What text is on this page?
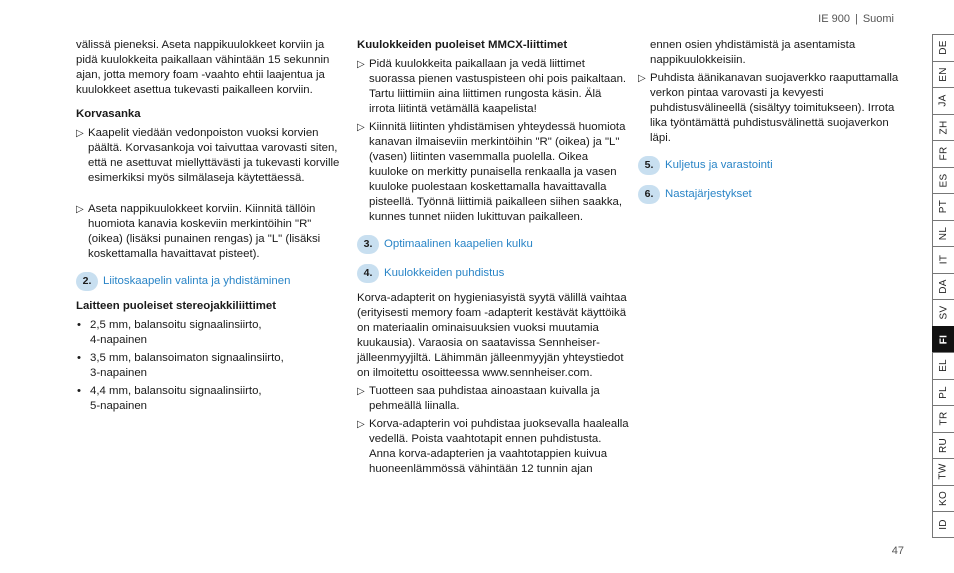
IE 900 | Suomi

välissä pieneksi. Aseta nappikuulokkeet korviin ja pidä kuulokkeita paikallaan vähintään 15 sekunnin ajan, jotta memory foam -vaahto ehtii laajentua ja kuulokkeet asettua tukevasti paikalleen korviin.

Korvasanka
▷ Kaapelit viedään vedonpoiston vuoksi korvien päältä. Korvasankoja voi taivuttaa varovasti siten, että ne asettuvat miellyttävästi ja tukevasti korville esimerkiksi myös silmälaseja käytettäessä.
▷ Aseta nappikuulokkeet korviin. Kiinnitä tällöin huomiota kanavia koskeviin merkintöihin "R" (oikea) (lisäksi punainen rengas) ja "L" (lisäksi koskettamalla havaittavat pisteet).
2.	Liitoskaapelin valinta ja yhdistäminen
Laitteen puoleiset stereojakkiliittimet
• 2,5 mm, balansoitu signaalinsiirto,
4-napainen
• 3,5 mm, balansoimaton signaalinsiirto,
3-napainen
• 4,4 mm, balansoitu signaalinsiirto,
5-napainen
Kuulokkeiden puoleiset MMCX-liittimet
▷ Pidä kuulokkeita paikallaan ja vedä liittimet suorassa pienen vastuspisteen ohi pois paikaltaan. Tartu liittimiin aina liittimen rungosta käsin. Älä irrota liitintä vetämällä kaapelista!
▷ Kiinnitä liitinten yhdistämisen yhteydessä huomiota kanavan ilmaiseviin merkintöihin "R" (oikea) ja "L" (vasen) liitinten vasemmalla puolella. Oikea kuuloke on merkitty punaisella renkaalla ja vasen kuuloke puolestaan koskettamalla havaittavalla pisteellä. Työnnä liittimiä paikalleen siihen saakka, kunnes tunnet niiden lukittuvan paikalleen.
3.	Optimaalinen kaapelien kulku
4.	Kuulokkeiden puhdistus

Korva-adapterit on hygieniasyistä syytä välillä vaihtaa (erityisesti memory foam -adapterit kestävät käyttöikä on materiaalin ominaisuuksien vuoksi muutamia kuukausia). Varaosia on saatavissa Sennheiser-jälleenmyyjiltä. Lähimmän jälleenmyyjän yhteystiedot on ilmoitettu osoitteessa www.sennheiser.com.

▷ Tuotteen saa puhdistaa ainoastaan kuivalla ja pehmeällä liinalla.
▷ Korva-adapterin voi puhdistaa juoksevalla haalealla vedellä. Poista vaahtotapit ennen puhdistusta. Anna korva-adapterien ja vaahtotappien kuivua huoneenlämmössä vähintään 12 tunnin ajan

ennen osien yhdistämistä ja asentamista nappikuulokkeisiin.

▷ Puhdista äänikanavan suojaverkko raaputtamalla verkon pintaa varovasti ja kevyesti puhdistusvälineellä (sisältyy toimitukseen). Irrota lika työntämättä puhdistusvälinettä suojaverkon läpi.
5.	Kuljetus ja varastointi
6.	Nastajärjestykset
DE
EN
JA
ZH
FR
ES
PT
NL
IT
DA
SV
FI
EL
PL
TR
RU
TW
KO
ID
47
